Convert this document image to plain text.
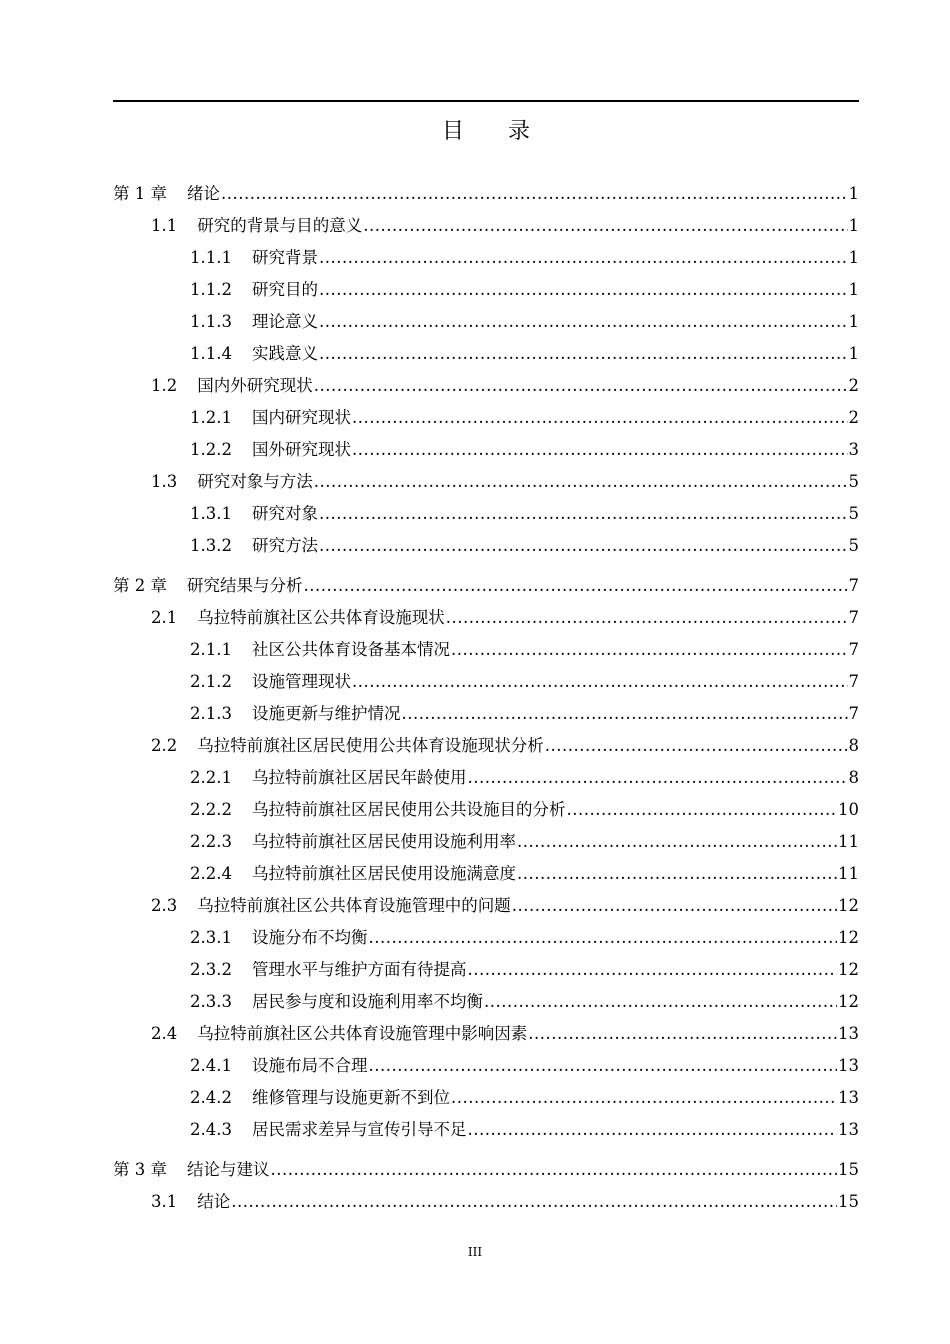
目 录
第 1 章 绪论 .....	1
1.1 研究的背景与目的意义 .....	1
1.1.1 研究背景 .....	1
1.1.2 研究目的 .....	1
1.1.3 理论意义 .....	1
1.1.4 实践意义 .....	1
1.2 国内外研究现状 .....	2
1.2.1 国内研究现状 .....	2
1.2.2 国外研究现状 .....	3
1.3 研究对象与方法 .....	5
1.3.1 研究对象 .....	5
1.3.2 研究方法 .....	5
第 2 章 研究结果与分析 .....	7
2.1 乌拉特前旗社区公共体育设施现状 .....	7
2.1.1 社区公共体育设备基本情况 .....	7
2.1.2 设施管理现状 .....	7
2.1.3 设施更新与维护情况 .....	7
2.2 乌拉特前旗社区居民使用公共体育设施现状分析 .....	8
2.2.1 乌拉特前旗社区居民年龄使用 .....	8
2.2.2 乌拉特前旗社区居民使用公共设施目的分析 .....	10
2.2.3 乌拉特前旗社区居民使用设施利用率 .....	11
2.2.4 乌拉特前旗社区居民使用设施满意度 .....	11
2.3 乌拉特前旗社区公共体育设施管理中的问题 .....	12
2.3.1 设施分布不均衡 .....	12
2.3.2 管理水平与维护方面有待提高 .....	12
2.3.3 居民参与度和设施利用率不均衡 .....	12
2.4 乌拉特前旗社区公共体育设施管理中影响因素 .....	13
2.4.1 设施布局不合理 .....	13
2.4.2 维修管理与设施更新不到位 .....	13
2.4.3 居民需求差异与宣传引导不足 .....	13
第 3 章 结论与建议 .....	15
3.1 结论 .....	15
III
